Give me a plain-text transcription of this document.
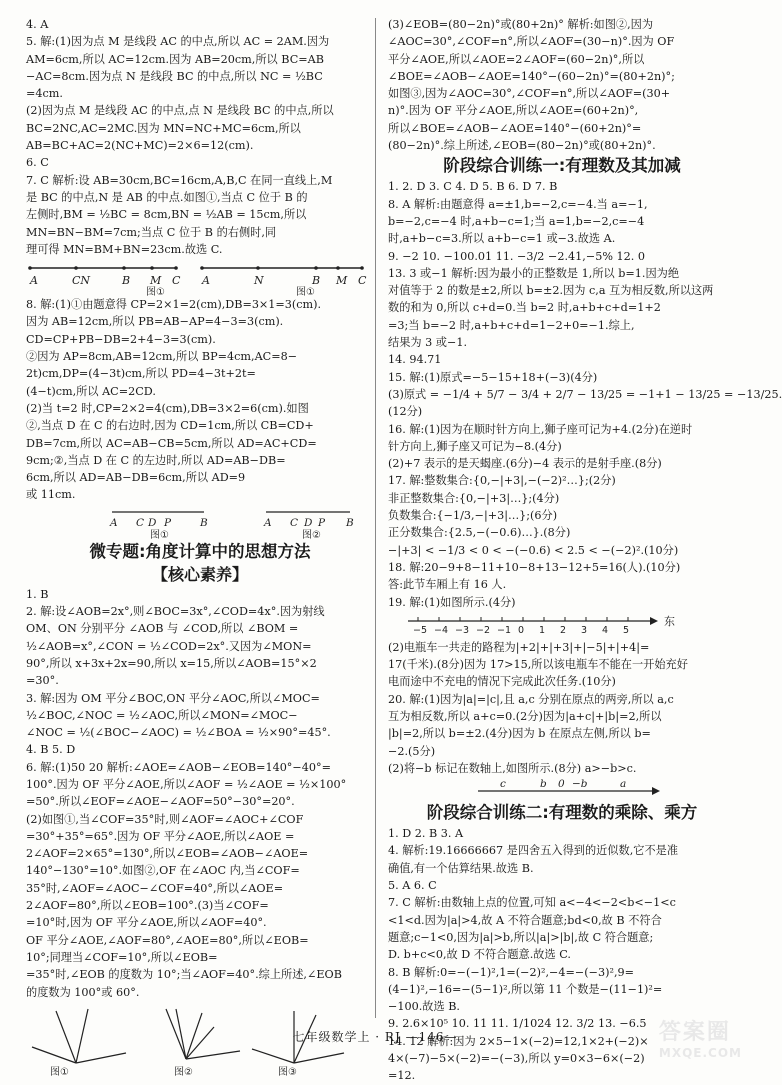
4. A
5. 解:(1)因为点 M 是线段 AC 的中点,所以 AC = 2AM.因为
AM=6cm,所以 AC=12cm.因为 AB=20cm,所以 BC=AB
−AC=8cm.因为点 N 是线段 BC 的中点,所以 NC = ½BC
=4cm.
(2)因为点 M 是线段 AC 的中点,点 N 是线段 BC 的中点,所以
BC=2NC,AC=2MC.因为 MN=NC+MC=6cm,所以
AB=BC+AC=2(NC+MC)=2×6=12(cm).
6. C
7. C 解析:设 AB=30cm,BC=16cm,A,B,C 在同一直线上,M
是 BC 的中点,N 是 AB 的中点.如图①,当点 C 位于 B 的
左侧时,BM = ½BC = 8cm,BN = ½AB = 15cm,所以
MN=BN−BM=7cm;当点 C 位于 B 的右侧时,同
理可得 MN=BM+BN=23cm.故选 C.
A	CN	B M C A	N	B M C
图①	图①
8. 解:(1)①由题意得 CP=2×1=2(cm),DB=3×1=3(cm).
因为 AB=12cm,所以 PB=AB−AP=4−3=3(cm).
CD=CP+PB−DB=2+4−3=3(cm).
②因为 AP=8cm,AB=12cm,所以 BP=4cm,AC=8−
2t)cm,DP=(4−3t)cm,所以 PD=4−3t+2t=
(4−t)cm,所以 AC=2CD.
(2)当 t=2 时,CP=2×2=4(cm),DB=3×2=6(cm).如图
②,当点 D 在 C 的右边时,因为 CD=1cm,所以 CB=CD+
DB=7cm,所以 AC=AB−CB=5cm,所以 AD=AC+CD=
9cm;②,当点 D 在 C 的左边时,所以 AD=AB−DB=
6cm,所以 AD=AB−DB=6cm,所以 AD=9
或 11cm.
A C D P	B	A C D P B
图①	图②
微专题:角度计算中的思想方法
【核心素养】
1. B
2. 解:设∠AOB=2x°,则∠BOC=3x°,∠COD=4x°.因为射线
OM、ON 分别平分 ∠AOB 与 ∠COD,所以 ∠BOM =
½∠AOB=x°,∠CON = ½∠COD=2x°.又因为∠MON=
90°,所以 x+3x+2x=90,所以 x=15,所以∠AOB=15°×2
=30°.
3. 解:因为 OM 平分∠BOC,ON 平分∠AOC,所以∠MOC=
½∠BOC,∠NOC = ½∠AOC,所以∠MON=∠MOC−
∠NOC = ½(∠BOC−∠AOC) = ½∠BOA = ½×90°=45°.
4. B 5. D
6. 解:(1)50 20 解析:∠AOE=∠AOB−∠EOB=140°−40°=
100°.因为 OF 平分∠AOE,所以∠AOF = ½∠AOE = ½×100°
=50°.所以∠EOF=∠AOE−∠AOF=50°−30°=20°.
(2)如图①,当∠COF=35°时,则∠AOF=∠AOC+∠COF
=30°+35°=65°.因为 OF 平分∠AOE,所以∠AOE =
2∠AOF=2×65°=130°,所以∠EOB=∠AOB−∠AOE=
140°−130°=10°.如图②,OF 在∠AOC 内,当∠COF=
35°时,∠AOF=∠AOC−∠COF=40°,所以∠AOE=
2∠AOF=80°,所以∠EOB=100°.(3)当∠COF=
=10°时,因为 OF 平分∠AOE,所以∠AOF=40°.
OF 平分∠AOE,∠AOF=80°,∠AOE=80°,所以∠EOB=
10°;同理当∠COF=10°,所以∠EOB=
=35°时,∠EOB 的度数为 10°;当∠AOF=40°.综上所述,∠EOB
的度数为 100°或 60°.
图①	图②	图③
(3)∠EOB=(80−2n)°或(80+2n)° 解析:如图②,因为
∠AOC=30°,∠COF=n°,所以∠AOF=(30−n)°.因为 OF
平分∠AOE,所以∠AOE=2∠AOF=(60−2n)°,所以
∠BOE=∠AOB−∠AOE=140°−(60−2n)°=(80+2n)°;
如图③,因为∠AOC=30°,∠COF=n°,所以∠AOF=(30+
n)°.因为 OF 平分∠AOE,所以∠AOE=(60+2n)°,
所以∠BOE=∠AOB−∠AOE=140°−(60+2n)°=
(80−2n)°.综上所述,∠EOB=(80−2n)°或(80+2n)°.
阶段综合训练一:有理数及其加减
1. 2. D 3. C 4. D 5. B 6. D 7. B
8. A 解析:由题意得 a=±1,b=−2,c=−4.当 a=−1,
b=−2,c=−4 时,a+b−c=1;当 a=1,b=−2,c=−4
时,a+b−c=3.所以 a+b−c=1 或−3.故选 A.
9. −2 10. −100.01 11. −3/2 −2.41,−5% 12. 0
13. 3 或−1 解析:因为最小的正整数是 1,所以 b=1.因为绝
对值等于 2 的数是±2,所以 b=±2.因为 c,a 互为相反数,所以这两
数的和为 0,所以 c+d=0.当 b=2 时,a+b+c+d=1+2
=3;当 b=−2 时,a+b+c+d=1−2+0=−1.综上,
结果为 3 或−1.
14. 94.71
15. 解:(1)原式=−5−15+18+(−3)(4分)
(3)原式 = −1/4 + 5/7 − 3/4 + 2/7 − 13/25 = −1+1 − 13/25 = −13/25.
(12分)
16. 解:(1)因为在顺时针方向上,狮子座可记为+4.(2分)在逆时
针方向上,狮子座又可记为−8.(4分)
(2)+7 表示的是天蝎座.(6分)−4 表示的是射手座.(8分)
17. 解:整数集合:{0,−|+3|,−(−2)²…};(2分)
非正整数集合:{0,−|+3|…};(4分)
负数集合:{−1/3,−|+3|…};(6分)
正分数集合:{2.5,−(−0.6)…}.(8分)
−|+3| < −1/3 < 0 < −(−0.6) < 2.5 < −(−2)².(10分)
18. 解:20−9+8−11+10−8+13−12+5=16(人).(10分)
答:此节车厢上有 16 人.
19. 解:(1)如图所示.(4分)
−5 −4 −3 −2 −1 0 1 2 3 4 5
东
(2)电瓶车一共走的路程为|+2|+|+3|+|−5|+|+4|=
17(千米).(8分)因为 17>15,所以该电瓶车不能在一开始充好
电而途中不充电的情况下完成此次任务.(10分)
20. 解:(1)因为|a|=|c|,且 a,c 分别在原点的两旁,所以 a,c
互为相反数,所以 a+c=0.(2分)因为|a+c|+|b|=2,所以
|b|=2,所以 b=±2.(4分)因为 b 在原点左侧,所以 b=
−2.(5分)
(2)将−b 标记在数轴上,如图所示.(8分) a>−b>c.
c	b 0 −b	a
阶段综合训练二:有理数的乘除、乘方
1. D 2. B 3. A
4. 解析:19.16666667 是四舍五入得到的近似数,它不是准
确值,有一个估算结果.故选 B.
5. A 6. C
7. C 解析:由数轴上点的位置,可知 a<−4<−2<b<−1<c
<1<d.因为|a|>4,故 A 不符合题意;bd<0,故 B 不符合
题意;c−1<0,因为|a|>b,所以|a|>|b|,故 C 符合题意;
D. b+c<0,故 D 不符合题意.故选 C.
8. B 解析:0=−(−1)²,1=(−2)²,−4=−(−3)²,9=
(4−1)²,−16=−(5−1)²,所以第 11 个数是−(11−1)²=
−100.故选 B.
9. 2.6×10⁵ 10. 11 11. 1/1024 12. 3/2 13. −6.5
14. 12 解析:因为 2×5−1×(−2)=12,1×2+(−2)×
4×(−7)−5×(−2)=−(−3),所以 y=0×3−6×(−2)
=12.
七年级数学上 · RJ —146—	答案圈
MXQE.COM
